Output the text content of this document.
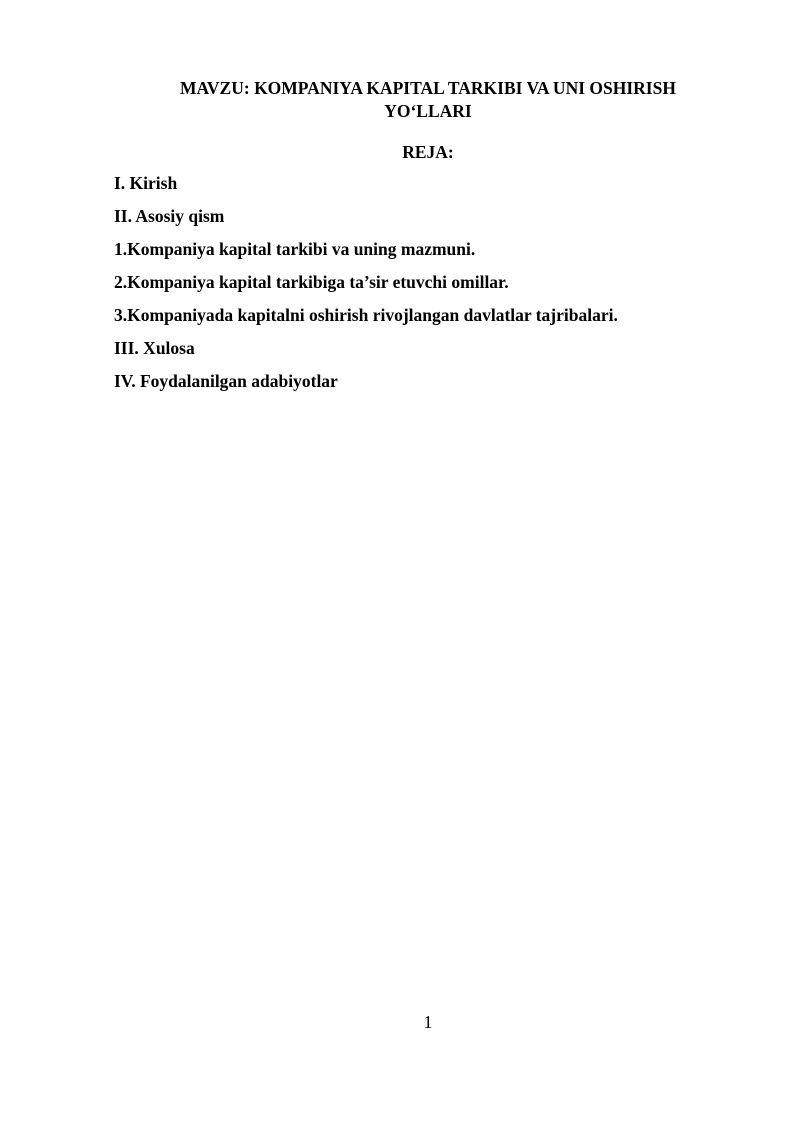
MAVZU: KOMPANIYA KAPITAL TARKIBI VA UNI OSHIRISH
YO‘LLARI
REJA:
I. Kirish
II. Asosiy qism
1.Kompaniya kapital tarkibi va uning mazmuni.
2.Kompaniya kapital tarkibiga ta’sir etuvchi omillar.
3.Kompaniyada kapitalni oshirish rivojlangan davlatlar tajribalari.
III. Xulosa
IV. Foydalanilgan adabiyotlar
1
